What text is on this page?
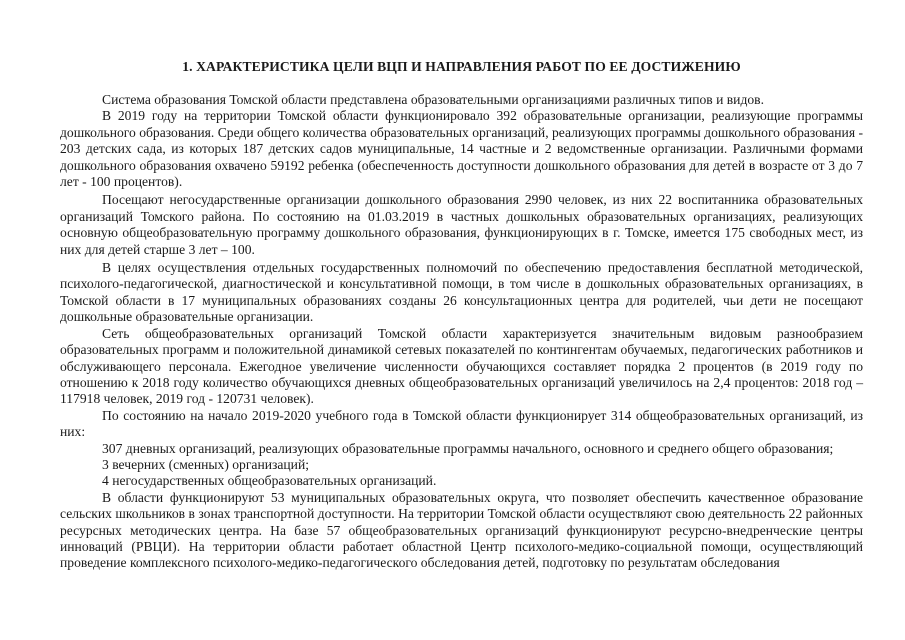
1. ХАРАКТЕРИСТИКА ЦЕЛИ ВЦП И НАПРАВЛЕНИЯ РАБОТ ПО ЕЕ ДОСТИЖЕНИЮ

Система образования Томской области представлена образовательными организациями различных типов и видов.

В 2019 году на территории Томской области функционировало 392 образовательные организации, реализующие программы дошкольного образования. Среди общего количества образовательных организаций, реализующих программы дошкольного образования - 203 детских сада, из которых 187 детских садов муниципальные, 14 частные и 2 ведомственные организации. Различными формами дошкольного образования охвачено 59192 ребенка (обеспеченность доступности дошкольного образования для детей в возрасте от 3 до 7 лет - 100 процентов).

Посещают негосударственные организации дошкольного образования 2990 человек, из них 22 воспитанника образовательных организаций Томского района. По состоянию на 01.03.2019 в частных дошкольных образовательных организациях, реализующих основную общеобразовательную программу дошкольного образования, функционирующих в г. Томске, имеется 175 свободных мест, из них для детей старше 3 лет – 100.

В целях осуществления отдельных государственных полномочий по обеспечению предоставления бесплатной методической, психолого-педагогической, диагностической и консультативной помощи, в том числе в дошкольных образовательных организациях, в Томской области в 17 муниципальных образованиях созданы 26 консультационных центра для родителей, чьи дети не посещают дошкольные образовательные организации.

Сеть общеобразовательных организаций Томской области характеризуется значительным видовым разнообразием образовательных программ и положительной динамикой сетевых показателей по контингентам обучаемых, педагогических работников и обслуживающего персонала. Ежегодное увеличение численности обучающихся составляет порядка 2 процентов (в 2019 году по отношению к 2018 году количество обучающихся дневных общеобразовательных организаций увеличилось на 2,4 процентов: 2018 год – 117918 человек, 2019 год - 120731 человек).

По состоянию на начало 2019-2020 учебного года в Томской области функционирует 314 общеобразовательных организаций, из них:

307 дневных организаций, реализующих образовательные программы начального, основного и среднего общего образования;

3 вечерних (сменных) организаций;

4 негосударственных общеобразовательных организаций.

В области функционируют 53 муниципальных образовательных округа, что позволяет обеспечить качественное образование сельских школьников в зонах транспортной доступности. На территории Томской области осуществляют свою деятельность 22 районных ресурсных методических центра. На базе 57 общеобразовательных организаций функционируют ресурсно-внедренческие центры инноваций (РВЦИ). На территории области работает областной Центр психолого-медико-социальной помощи, осуществляющий проведение комплексного психолого-медико-педагогического обследования детей, подготовку по результатам обследования
